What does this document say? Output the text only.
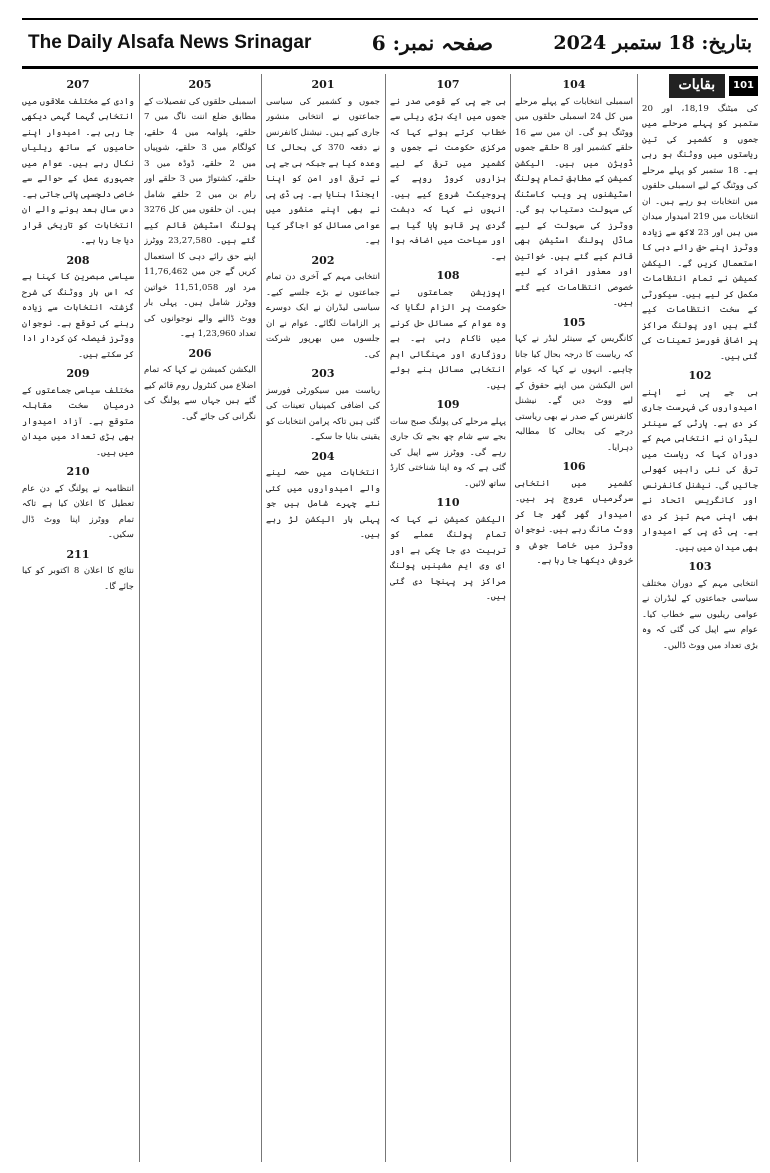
The Daily Alsafa News Srinagar	صفحہ نمبر: 6	بتاریخ: 18 ستمبر 2024
101
بقایات

کی میٹنگ 18,19، اور 20 ستمبر کو پہلے مرحلے میں جموں و کشمیر کی تین ریاستوں میں ووٹنگ ہو رہی ہے۔ 18 ستمبر کو پہلے مرحلے کی ووٹنگ کے لیے اسمبلی حلقوں میں انتخابات ہو رہے ہیں۔ ان انتخابات میں 219 امیدوار میدان میں ہیں اور 23 لاکھ سے زیادہ ووٹرز اپنے حق رائے دہی کا استعمال کریں گے۔ الیکشن کمیشن نے تمام انتظامات مکمل کر لیے ہیں۔ سیکورٹی کے سخت انتظامات کیے گئے ہیں اور پولنگ مراکز پر اضافی فورسز تعینات کی گئی ہیں۔

102

بی جے پی نے اپنے امیدواروں کی فہرست جاری کر دی ہے۔ پارٹی کے سینئر لیڈران نے انتخابی مہم کے دوران کہا کہ ریاست میں ترقی کی نئی راہیں کھولی جائیں گی۔ نیشنل کانفرنس اور کانگریس اتحاد نے بھی اپنی مہم تیز کر دی ہے۔ پی ڈی پی کے امیدوار بھی میدان میں ہیں۔

103

انتخابی مہم کے دوران مختلف سیاسی جماعتوں کے لیڈران نے عوامی ریلیوں سے خطاب کیا۔ عوام سے اپیل کی گئی کہ وہ بڑی تعداد میں ووٹ ڈالیں۔

104

اسمبلی انتخابات کے پہلے مرحلے میں کل 24 اسمبلی حلقوں میں ووٹنگ ہو گی۔ ان میں سے 16 حلقے کشمیر اور 8 حلقے جموں ڈویژن میں ہیں۔ الیکشن کمیشن کے مطابق تمام پولنگ اسٹیشنوں پر ویب کاسٹنگ کی سہولت دستیاب ہو گی۔ ووٹرز کی سہولت کے لیے ماڈل پولنگ اسٹیشن بھی قائم کیے گئے ہیں۔ خواتین اور معذور افراد کے لیے خصوصی انتظامات کیے گئے ہیں۔

105

کانگریس کے سینئر لیڈر نے کہا کہ ریاست کا درجہ بحال کیا جانا چاہیے۔ انہوں نے کہا کہ عوام اس الیکشن میں اپنے حقوق کے لیے ووٹ دیں گے۔ نیشنل کانفرنس کے صدر نے بھی ریاستی درجے کی بحالی کا مطالبہ دہرایا۔

106

کشمیر میں انتخابی سرگرمیاں عروج پر ہیں۔ امیدوار گھر گھر جا کر ووٹ مانگ رہے ہیں۔ نوجوان ووٹرز میں خاصا جوش و خروش دیکھا جا رہا ہے۔

107

بی جے پی کے قومی صدر نے جموں میں ایک بڑی ریلی سے خطاب کرتے ہوئے کہا کہ مرکزی حکومت نے جموں و کشمیر میں ترقی کے لیے ہزاروں کروڑ روپے کے پروجیکٹ شروع کیے ہیں۔ انہوں نے کہا کہ دہشت گردی پر قابو پایا گیا ہے اور سیاحت میں اضافہ ہوا ہے۔

108

اپوزیشن جماعتوں نے حکومت پر الزام لگایا کہ وہ عوام کے مسائل حل کرنے میں ناکام رہی ہے۔ بے روزگاری اور مہنگائی اہم انتخابی مسائل بنے ہوئے ہیں۔

109

پہلے مرحلے کی پولنگ صبح سات بجے سے شام چھ بجے تک جاری رہے گی۔ ووٹرز سے اپیل کی گئی ہے کہ وہ اپنا شناختی کارڈ ساتھ لائیں۔

110

الیکشن کمیشن نے کہا کہ تمام پولنگ عملے کو تربیت دی جا چکی ہے اور ای وی ایم مشینیں پولنگ مراکز پر پہنچا دی گئی ہیں۔

201

جموں و کشمیر کی سیاسی جماعتوں نے انتخابی منشور جاری کیے ہیں۔ نیشنل کانفرنس نے دفعہ 370 کی بحالی کا وعدہ کیا ہے جبکہ بی جے پی نے ترقی اور امن کو اپنا ایجنڈا بنایا ہے۔ پی ڈی پی نے بھی اپنے منشور میں عوامی مسائل کو اجاگر کیا ہے۔

202

انتخابی مہم کے آخری دن تمام جماعتوں نے بڑے جلسے کیے۔ سیاسی لیڈران نے ایک دوسرے پر الزامات لگائے۔ عوام نے ان جلسوں میں بھرپور شرکت کی۔

203

ریاست میں سیکورٹی فورسز کی اضافی کمپنیاں تعینات کی گئی ہیں تاکہ پرامن انتخابات کو یقینی بنایا جا سکے۔

204

انتخابات میں حصہ لینے والے امیدواروں میں کئی نئے چہرے شامل ہیں جو پہلی بار الیکشن لڑ رہے ہیں۔

205

اسمبلی حلقوں کی تفصیلات کے مطابق ضلع اننت ناگ میں 7 حلقے، پلوامہ میں 4 حلقے، کولگام میں 3 حلقے، شوپیاں میں 2 حلقے، ڈوڈہ میں 3 حلقے، کشتواڑ میں 3 حلقے اور رام بن میں 2 حلقے شامل ہیں۔ ان حلقوں میں کل 3276 پولنگ اسٹیشن قائم کیے گئے ہیں۔ 23,27,580 ووٹرز اپنے حق رائے دہی کا استعمال کریں گے جن میں 11,76,462 مرد اور 11,51,058 خواتین ووٹرز شامل ہیں۔ پہلی بار ووٹ ڈالنے والے نوجوانوں کی تعداد 1,23,960 ہے۔

206

الیکشن کمیشن نے کہا کہ تمام اضلاع میں کنٹرول روم قائم کیے گئے ہیں جہاں سے پولنگ کی نگرانی کی جائے گی۔

207

وادی کے مختلف علاقوں میں انتخابی گہما گہمی دیکھی جا رہی ہے۔ امیدوار اپنے حامیوں کے ساتھ ریلیاں نکال رہے ہیں۔ عوام میں جمہوری عمل کے حوالے سے خاصی دلچسپی پائی جاتی ہے۔ دس سال بعد ہونے والے ان انتخابات کو تاریخی قرار دیا جا رہا ہے۔

208

سیاسی مبصرین کا کہنا ہے کہ اس بار ووٹنگ کی شرح گزشتہ انتخابات سے زیادہ رہنے کی توقع ہے۔ نوجوان ووٹرز فیصلہ کن کردار ادا کر سکتے ہیں۔

209

مختلف سیاسی جماعتوں کے درمیان سخت مقابلہ متوقع ہے۔ آزاد امیدوار بھی بڑی تعداد میں میدان میں ہیں۔

210

انتظامیہ نے پولنگ کے دن عام تعطیل کا اعلان کیا ہے تاکہ تمام ووٹرز اپنا ووٹ ڈال سکیں۔

211

نتائج کا اعلان 8 اکتوبر کو کیا جائے گا۔
